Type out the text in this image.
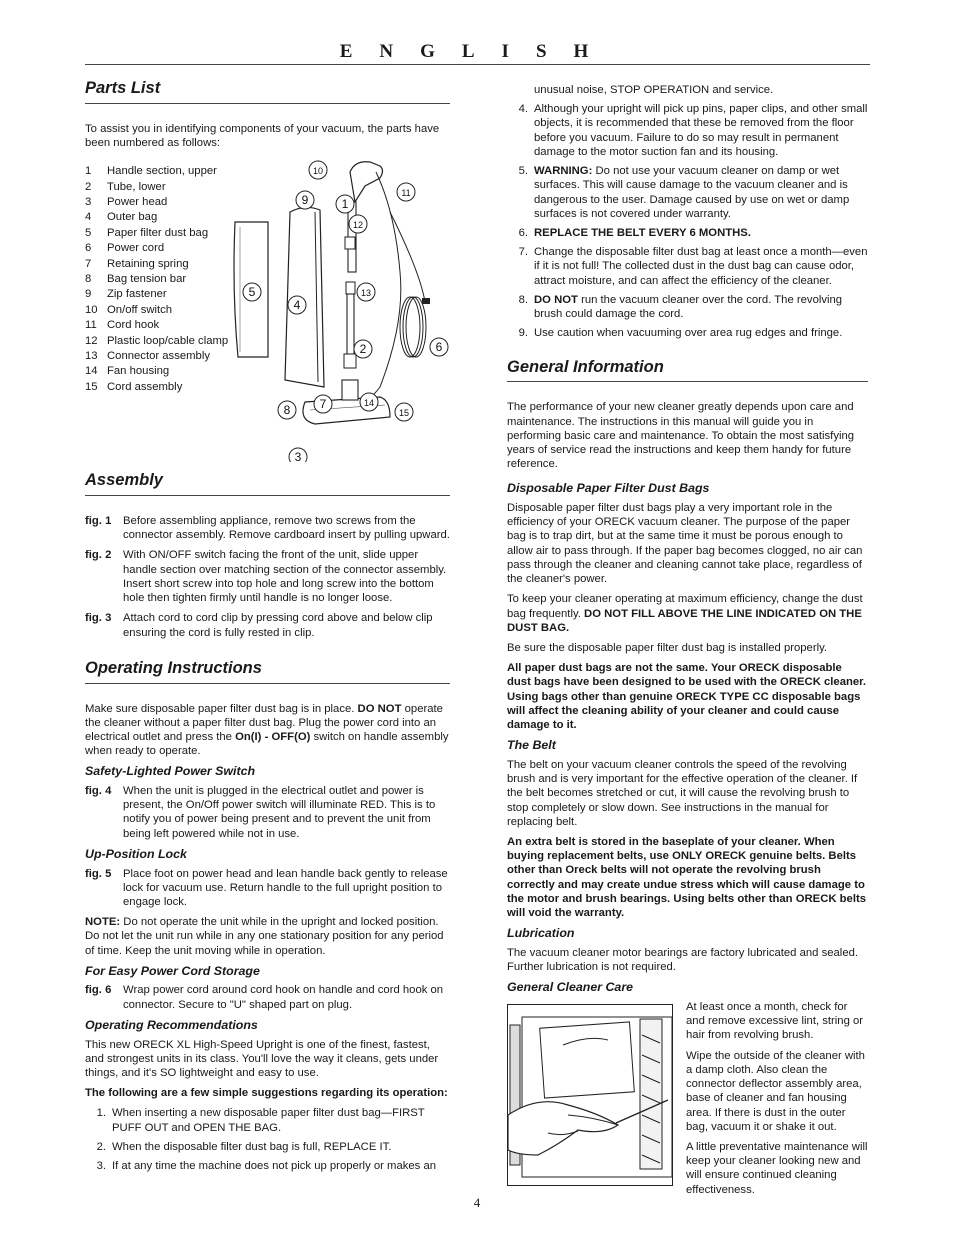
ENGLISH
Parts List

To assist you in identifying components of your vacuum, the parts have been numbered as follows:

1	Handle section, upper
2	Tube, lower
3	Power head
4	Outer bag
5	Paper filter dust bag
6	Power cord
7	Retaining spring
8	Bag tension bar
9	Zip fastener
10 On/off switch
11 Cord hook
12 Plastic loop/cable clamp
13 Connector assembly
14 Fan housing
15 Cord assembly
10
9	1
11
12
5
4
13
2	6
8 7	14
15
3
Assembly
fig. 1	Before assembling appliance, remove two screws from the connector assembly. Remove cardboard insert by pulling upward.
fig. 2	With ON/OFF switch facing the front of the unit, slide upper handle section over matching section of the connector assembly. Insert short screw into top hole and long screw into the bottom hole then tighten firmly until handle is no longer loose.
fig. 3	Attach cord to cord clip by pressing cord above and below clip ensuring the cord is fully rested in clip.
Operating Instructions

Make sure disposable paper filter dust bag is in place. DO NOT operate the cleaner without a paper filter dust bag. Plug the power cord into an electrical outlet and press the On(I) - OFF(O) switch on handle assembly when ready to operate.

Safety-Lighted Power Switch
fig. 4	When the unit is plugged in the electrical outlet and power is present, the On/Off power switch will illuminate RED. This is to notify you of power being present and to prevent the unit from being left powered while not in use.
Up-Position Lock
fig. 5	Place foot on power head and lean handle back gently to release lock for vacuum use. Return handle to the full upright position to engage lock.

NOTE: Do not operate the unit while in the upright and locked position. Do not let the unit run while in any one stationary position for any period of time. Keep the unit moving while in operation.

For Easy Power Cord Storage
fig. 6	Wrap power cord around cord hook on handle and cord hook on connector. Secure to "U" shaped part on plug.
Operating Recommendations

This new ORECK XL High-Speed Upright is one of the finest, fastest, and strongest units in its class. You'll love the way it cleans, gets under things, and it's SO lightweight and easy to use.

The following are a few simple suggestions regarding its operation:

1. When inserting a new disposable paper filter dust bag—FIRST PUFF OUT and OPEN THE BAG.
2. When the disposable filter dust bag is full, REPLACE IT.
3. If at any time the machine does not pick up properly or makes an

unusual noise, STOP OPERATION and service.

4. Although your upright will pick up pins, paper clips, and other small objects, it is recommended that these be removed from the floor before you vacuum. Failure to do so may result in permanent damage to the motor suction fan and its housing.
5. WARNING: Do not use your vacuum cleaner on damp or wet surfaces. This will cause damage to the vacuum cleaner and is dangerous to the user. Damage caused by use on wet or damp surfaces is not covered under warranty.
6. REPLACE THE BELT EVERY 6 MONTHS.
7. Change the disposable filter dust bag at least once a month—even if it is not full! The collected dust in the dust bag can cause odor, attract moisture, and can affect the efficiency of the cleaner.
8. DO NOT run the vacuum cleaner over the cord. The revolving brush could damage the cord.
9. Use caution when vacuuming over area rug edges and fringe.
General Information

The performance of your new cleaner greatly depends upon care and maintenance. The instructions in this manual will guide you in performing basic care and maintenance. To obtain the most satisfying years of service read the instructions and keep them handy for future reference.

Disposable Paper Filter Dust Bags

Disposable paper filter dust bags play a very important role in the efficiency of your ORECK vacuum cleaner. The purpose of the paper bag is to trap dirt, but at the same time it must be porous enough to allow air to pass through. If the paper bag becomes clogged, no air can pass through the cleaner and cleaning cannot take place, regardless of the cleaner's power.

To keep your cleaner operating at maximum efficiency, change the dust bag frequently. DO NOT FILL ABOVE THE LINE INDICATED ON THE DUST BAG.

Be sure the disposable paper filter dust bag is installed properly.

All paper dust bags are not the same. Your ORECK disposable dust bags have been designed to be used with the ORECK cleaner. Using bags other than genuine ORECK TYPE CC disposable bags will affect the cleaning ability of your cleaner and could cause damage to it.

The Belt

The belt on your vacuum cleaner controls the speed of the revolving brush and is very important for the effective operation of the cleaner. If the belt becomes stretched or cut, it will cause the revolving brush to stop completely or slow down. See instructions in the manual for replacing belt.

An extra belt is stored in the baseplate of your cleaner. When buying replacement belts, use ONLY ORECK genuine belts. Belts other than Oreck belts will not operate the revolving brush correctly and may create undue stress which will cause damage to the motor and brush bearings. Using belts other than ORECK belts will void the warranty.

Lubrication

The vacuum cleaner motor bearings are factory lubricated and sealed. Further lubrication is not required.

General Cleaner Care

At least once a month, check for and remove excessive lint, string or hair from revolving brush.

Wipe the outside of the cleaner with a damp cloth. Also clean the connector deflector assembly area, base of cleaner and fan housing area. If there is dust in the outer bag, vacuum it or shake it out.

A little preventative maintenance will keep your cleaner looking new and will ensure continued cleaning effectiveness.

4
